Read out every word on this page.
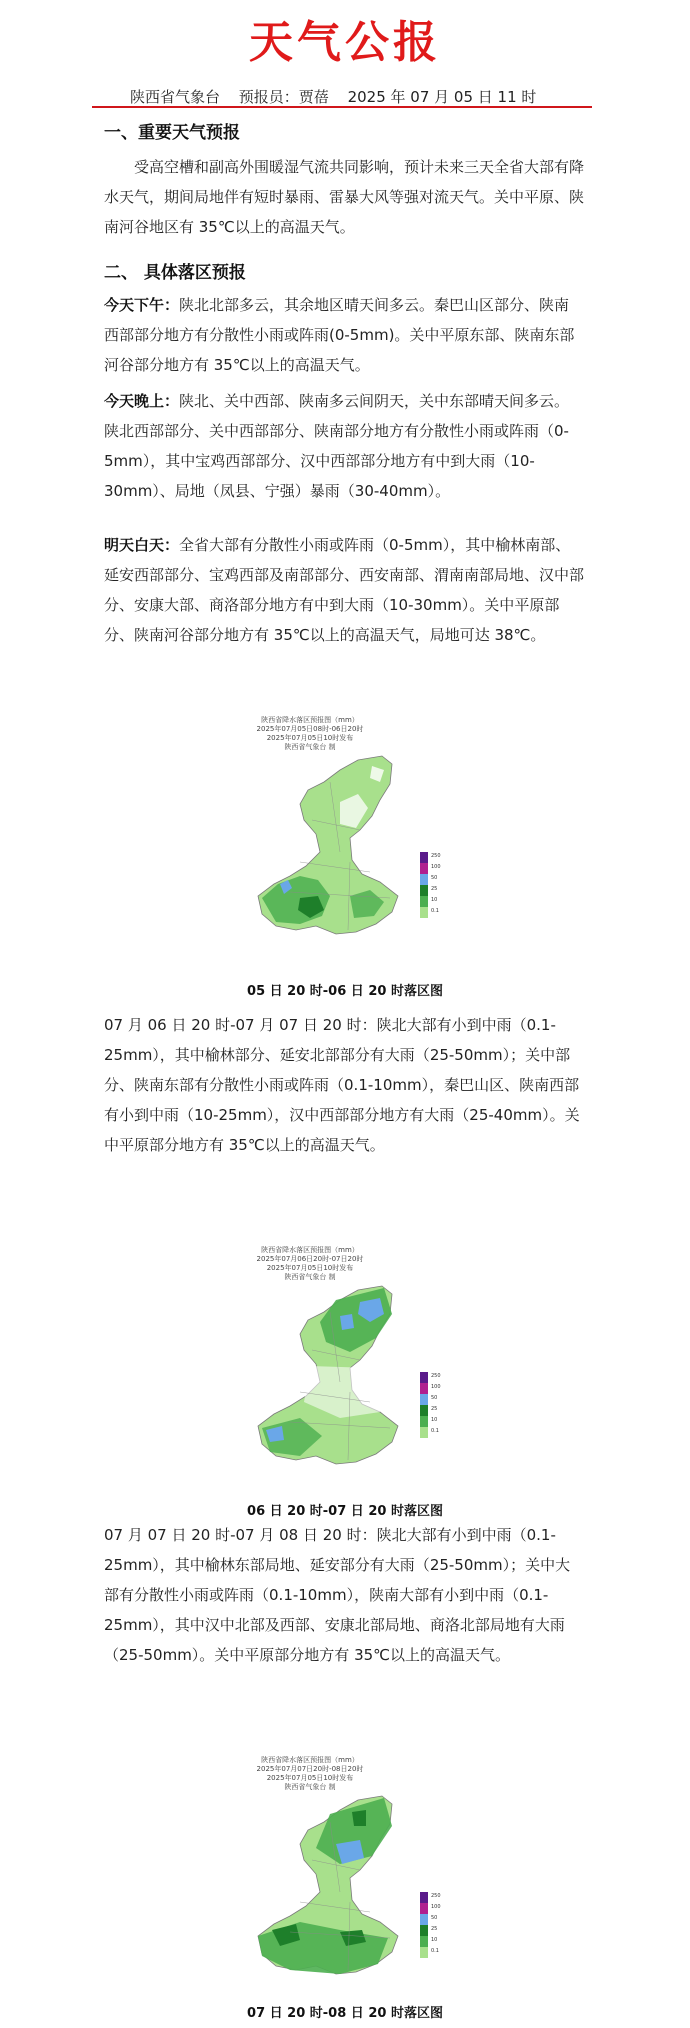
天气公报
陕西省气象台 预报员：贾蓓 2025 年 07 月 05 日 11 时
一、重要天气预报

受高空槽和副高外围暖湿气流共同影响，预计未来三天全省大部有降水天气，期间局地伴有短时暴雨、雷暴大风等强对流天气。关中平原、陕南河谷地区有 35℃以上的高温天气。

二、 具体落区预报

今天下午：陕北北部多云，其余地区晴天间多云。秦巴山区部分、陕南西部部分地方有分散性小雨或阵雨(0-5mm)。关中平原东部、陕南东部河谷部分地方有 35℃以上的高温天气。

今天晚上：陕北、关中西部、陕南多云间阴天，关中东部晴天间多云。陕北西部部分、关中西部部分、陕南部分地方有分散性小雨或阵雨（0-5mm），其中宝鸡西部部分、汉中西部部分地方有中到大雨（10-30mm）、局地（凤县、宁强）暴雨（30-40mm）。

明天白天：全省大部有分散性小雨或阵雨（0-5mm），其中榆林南部、延安西部部分、宝鸡西部及南部部分、西安南部、渭南南部局地、汉中部分、安康大部、商洛部分地方有中到大雨（10-30mm）。关中平原部分、陕南河谷部分地方有 35℃以上的高温天气，局地可达 38℃。

陕西省降水落区预报图（mm）
2025年07月05日08时-06日20时
2025年07月05日10时发布
陕西省气象台 制
250
100
50
25
10
0.1
05 日 20 时-06 日 20 时落区图

07 月 06 日 20 时-07 月 07 日 20 时：陕北大部有小到中雨（0.1-25mm），其中榆林部分、延安北部部分有大雨（25-50mm）；关中部分、陕南东部有分散性小雨或阵雨（0.1-10mm），秦巴山区、陕南西部有小到中雨（10-25mm），汉中西部部分地方有大雨（25-40mm）。关中平原部分地方有 35℃以上的高温天气。

陕西省降水落区预报图（mm）
2025年07月06日20时-07日20时
2025年07月05日10时发布
陕西省气象台 制
250
100
50
25
10
0.1
06 日 20 时-07 日 20 时落区图

07 月 07 日 20 时-07 月 08 日 20 时：陕北大部有小到中雨（0.1-25mm），其中榆林东部局地、延安部分有大雨（25-50mm）；关中大部有分散性小雨或阵雨（0.1-10mm），陕南大部有小到中雨（0.1-25mm），其中汉中北部及西部、安康北部局地、商洛北部局地有大雨（25-50mm）。关中平原部分地方有 35℃以上的高温天气。

陕西省降水落区预报图（mm）
2025年07月07日20时-08日20时
2025年07月05日10时发布
陕西省气象台 制
250
100
50
25
10
0.1
07 日 20 时-08 日 20 时落区图
